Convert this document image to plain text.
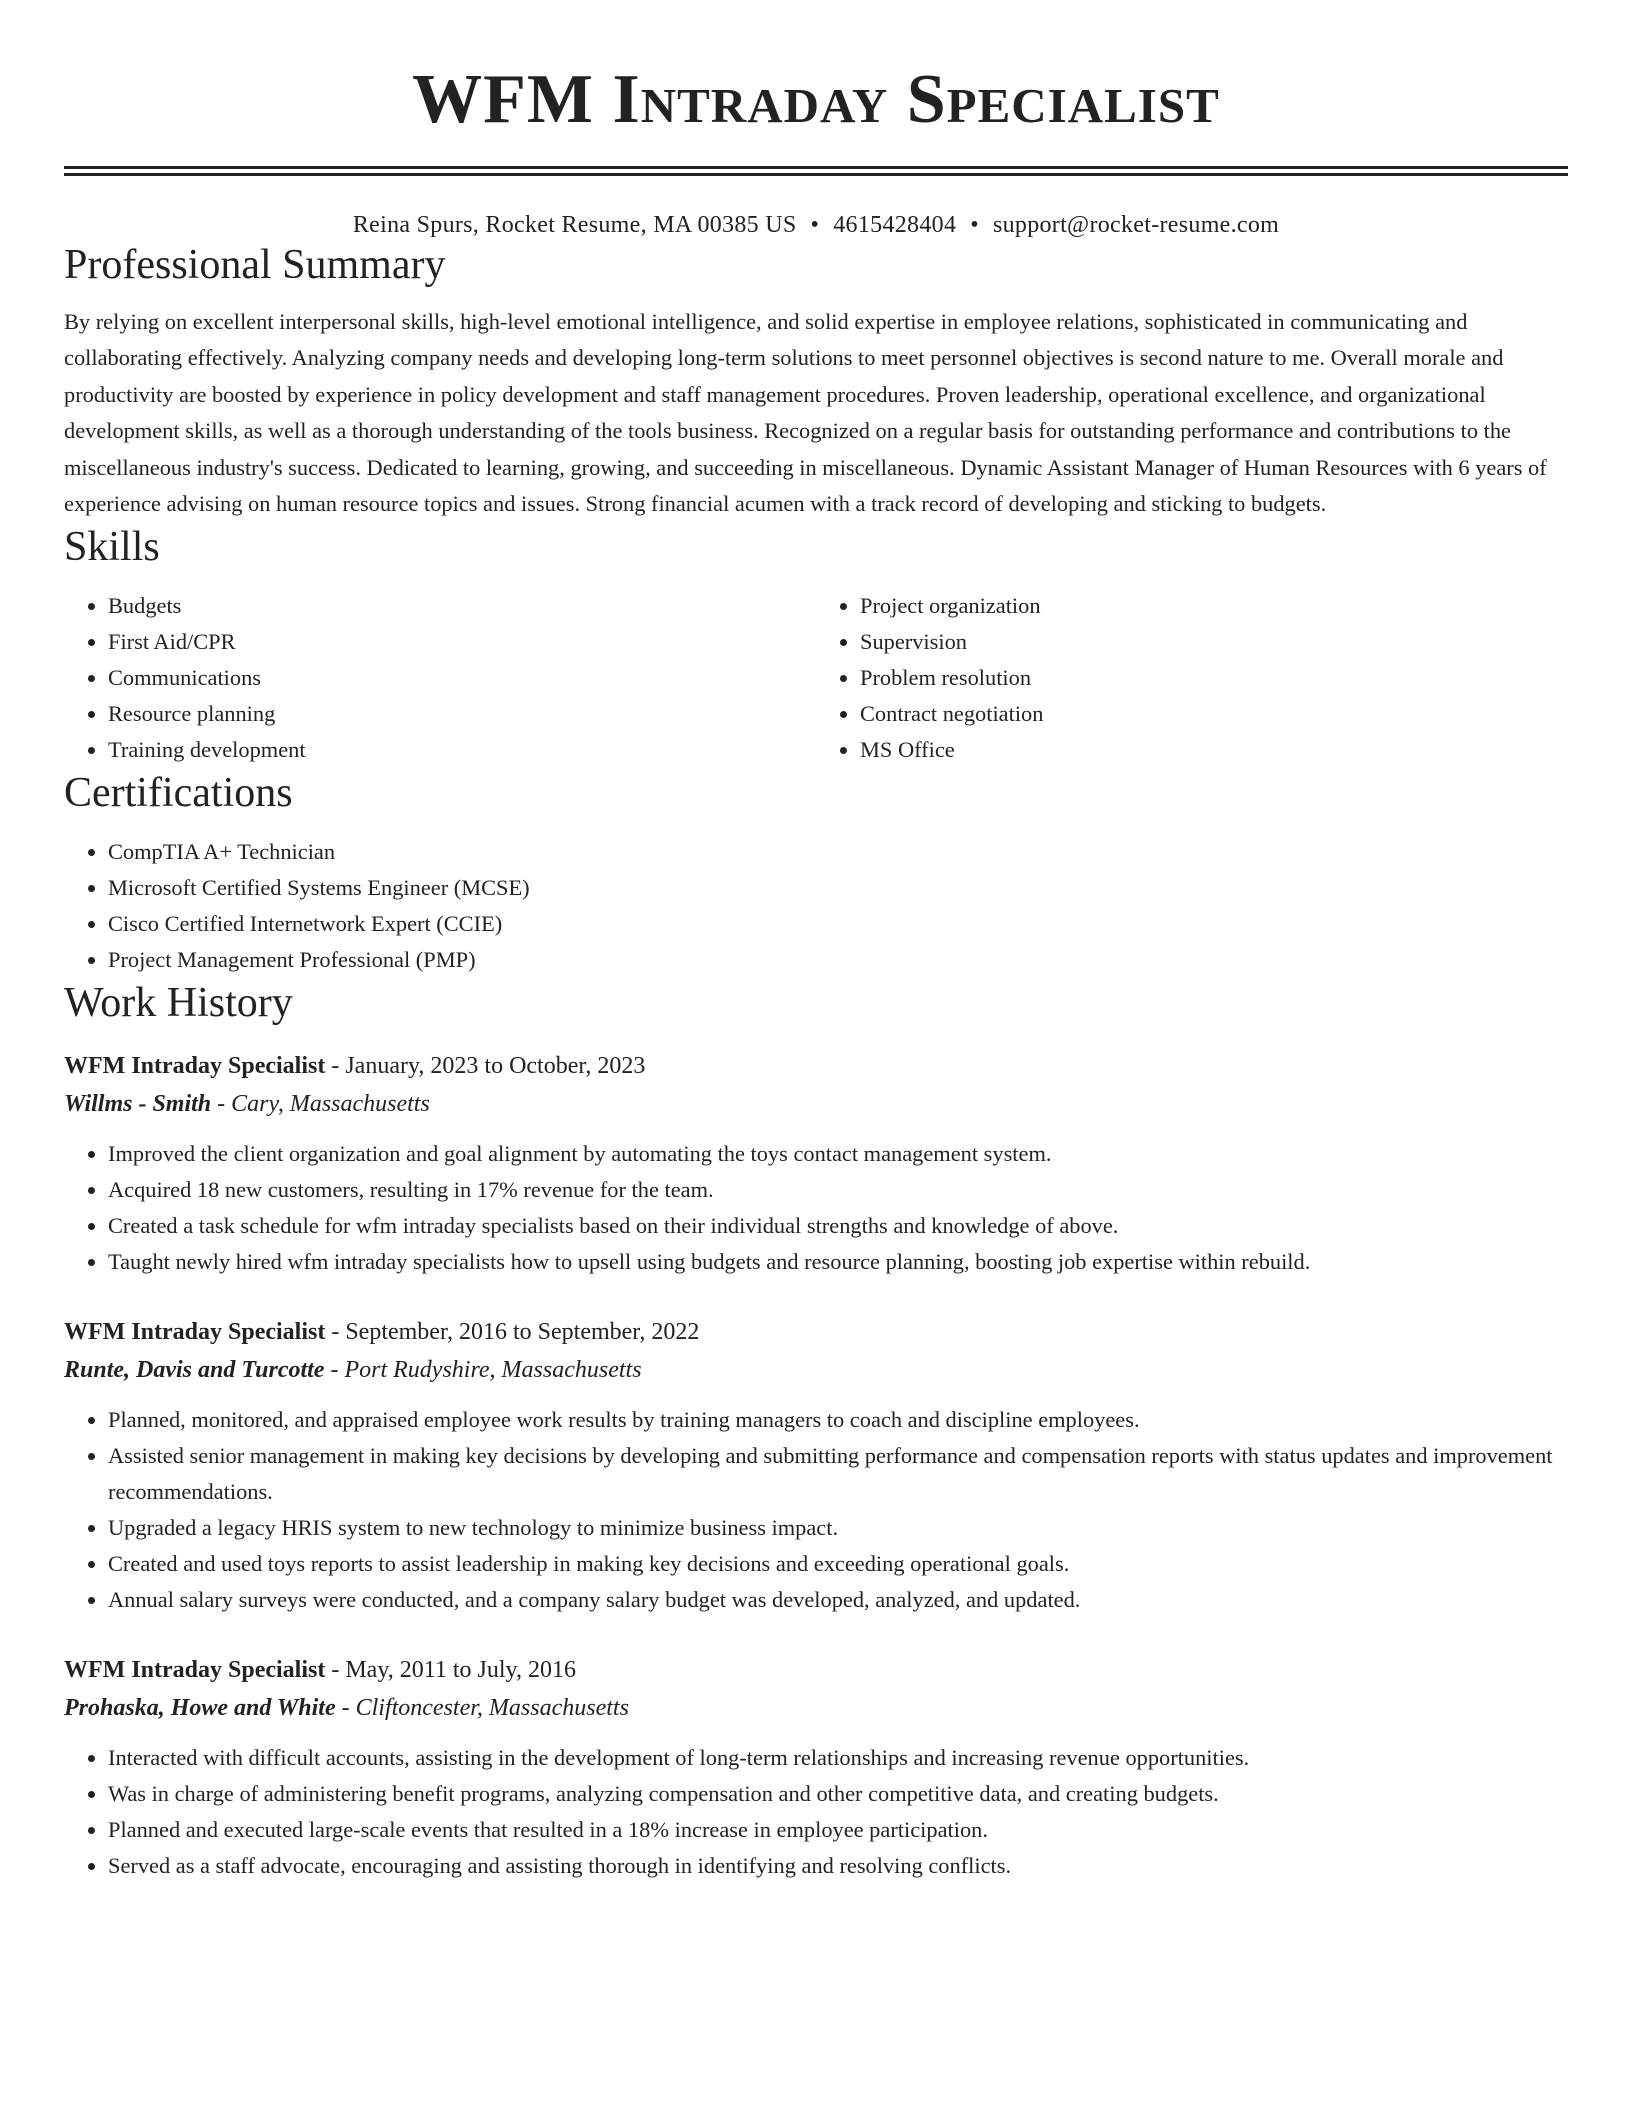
WFM Intraday Specialist
Reina Spurs, Rocket Resume, MA 00385 US • 4615428404 • support@rocket-resume.com
Professional Summary
By relying on excellent interpersonal skills, high-level emotional intelligence, and solid expertise in employee relations, sophisticated in communicating and collaborating effectively. Analyzing company needs and developing long-term solutions to meet personnel objectives is second nature to me. Overall morale and productivity are boosted by experience in policy development and staff management procedures. Proven leadership, operational excellence, and organizational development skills, as well as a thorough understanding of the tools business. Recognized on a regular basis for outstanding performance and contributions to the miscellaneous industry's success. Dedicated to learning, growing, and succeeding in miscellaneous. Dynamic Assistant Manager of Human Resources with 6 years of experience advising on human resource topics and issues. Strong financial acumen with a track record of developing and sticking to budgets.
Skills
• Budgets
• First Aid/CPR
• Communications
• Resource planning
• Training development
• Project organization
• Supervision
• Problem resolution
• Contract negotiation
• MS Office
Certifications
• CompTIA A+ Technician
• Microsoft Certified Systems Engineer (MCSE)
• Cisco Certified Internetwork Expert (CCIE)
• Project Management Professional (PMP)
Work History
WFM Intraday Specialist - January, 2023 to October, 2023
Willms - Smith - Cary, Massachusetts
• Improved the client organization and goal alignment by automating the toys contact management system.
• Acquired 18 new customers, resulting in 17% revenue for the team.
• Created a task schedule for wfm intraday specialists based on their individual strengths and knowledge of above.
• Taught newly hired wfm intraday specialists how to upsell using budgets and resource planning, boosting job expertise within rebuild.
WFM Intraday Specialist - September, 2016 to September, 2022
Runte, Davis and Turcotte - Port Rudyshire, Massachusetts
• Planned, monitored, and appraised employee work results by training managers to coach and discipline employees.
• Assisted senior management in making key decisions by developing and submitting performance and compensation reports with status updates and improvement recommendations.
• Upgraded a legacy HRIS system to new technology to minimize business impact.
• Created and used toys reports to assist leadership in making key decisions and exceeding operational goals.
• Annual salary surveys were conducted, and a company salary budget was developed, analyzed, and updated.
WFM Intraday Specialist - May, 2011 to July, 2016
Prohaska, Howe and White - Cliftoncester, Massachusetts
• Interacted with difficult accounts, assisting in the development of long-term relationships and increasing revenue opportunities.
• Was in charge of administering benefit programs, analyzing compensation and other competitive data, and creating budgets.
• Planned and executed large-scale events that resulted in a 18% increase in employee participation.
• Served as a staff advocate, encouraging and assisting thorough in identifying and resolving conflicts.
